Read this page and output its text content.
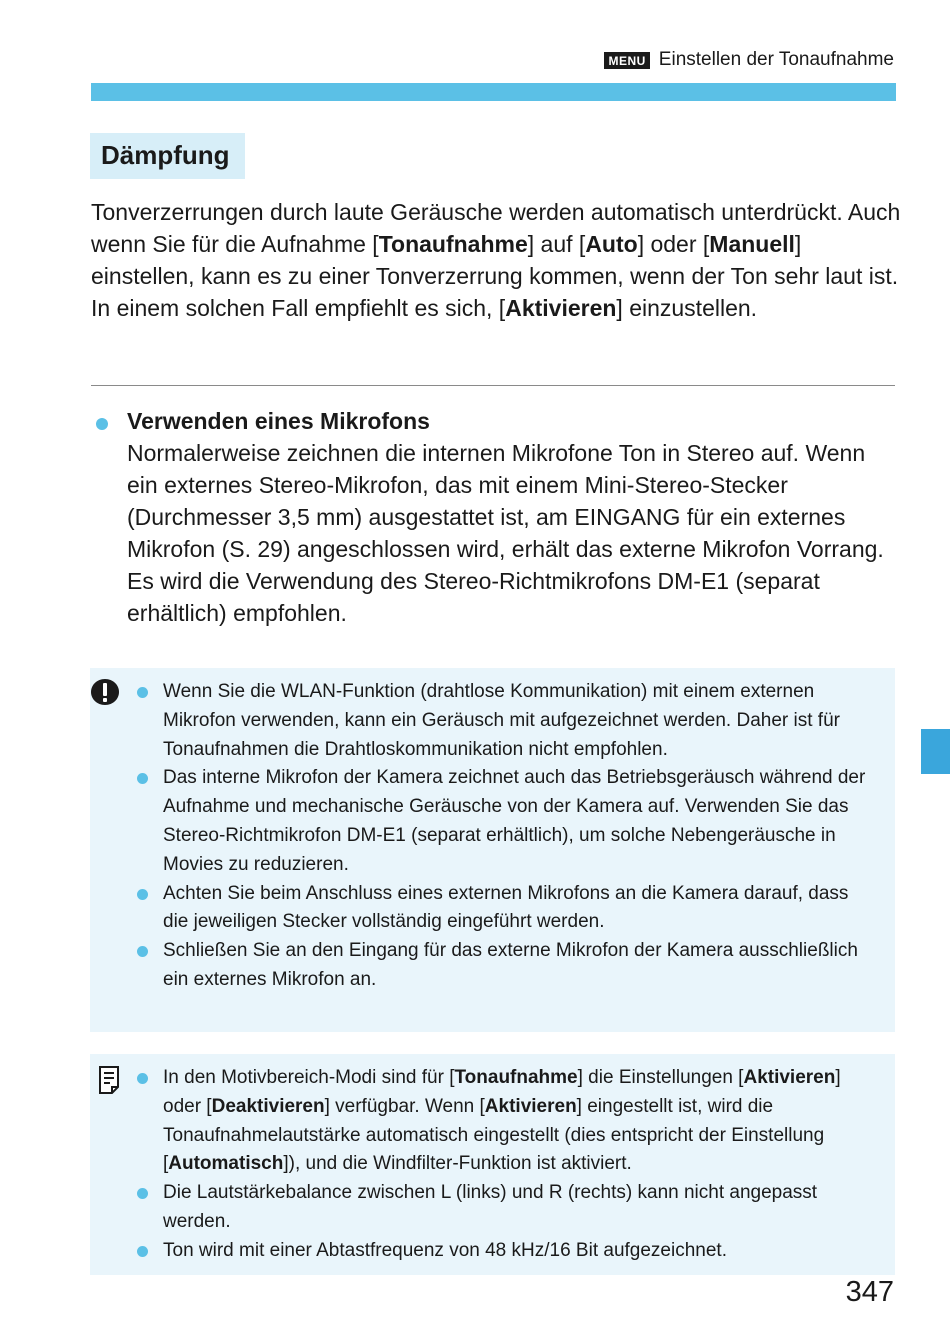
MENU Einstellen der Tonaufnahme
Dämpfung

Tonverzerrungen durch laute Geräusche werden automatisch unterdrückt. Auch wenn Sie für die Aufnahme [Tonaufnahme] auf [Auto] oder [Manuell] einstellen, kann es zu einer Tonverzerrung kommen, wenn der Ton sehr laut ist. In einem solchen Fall empfiehlt es sich, [Aktivieren] einzustellen.

Verwenden eines Mikrofons

Normalerweise zeichnen die internen Mikrofone Ton in Stereo auf. Wenn ein externes Stereo-Mikrofon, das mit einem Mini-Stereo-Stecker (Durchmesser 3,5 mm) ausgestattet ist, am EINGANG für ein externes Mikrofon (S. 29) angeschlossen wird, erhält das externe Mikrofon Vorrang. Es wird die Verwendung des Stereo-Richtmikrofons DM-E1 (separat erhältlich) empfohlen.

Wenn Sie die WLAN-Funktion (drahtlose Kommunikation) mit einem externen Mikrofon verwenden, kann ein Geräusch mit aufgezeichnet werden. Daher ist für Tonaufnahmen die Drahtloskommunikation nicht empfohlen.

Das interne Mikrofon der Kamera zeichnet auch das Betriebsgeräusch während der Aufnahme und mechanische Geräusche von der Kamera auf. Verwenden Sie das Stereo-Richtmikrofon DM-E1 (separat erhältlich), um solche Nebengeräusche in Movies zu reduzieren.

Achten Sie beim Anschluss eines externen Mikrofons an die Kamera darauf, dass die jeweiligen Stecker vollständig eingeführt werden.

Schließen Sie an den Eingang für das externe Mikrofon der Kamera ausschließlich ein externes Mikrofon an.

In den Motivbereich-Modi sind für [Tonaufnahme] die Einstellungen [Aktivieren] oder [Deaktivieren] verfügbar. Wenn [Aktivieren] eingestellt ist, wird die Tonaufnahmelautstärke automatisch eingestellt (dies entspricht der Einstellung [Automatisch]), und die Windfilter-Funktion ist aktiviert.

Die Lautstärkebalance zwischen L (links) und R (rechts) kann nicht angepasst werden.

Ton wird mit einer Abtastfrequenz von 48 kHz/16 Bit aufgezeichnet.

347
